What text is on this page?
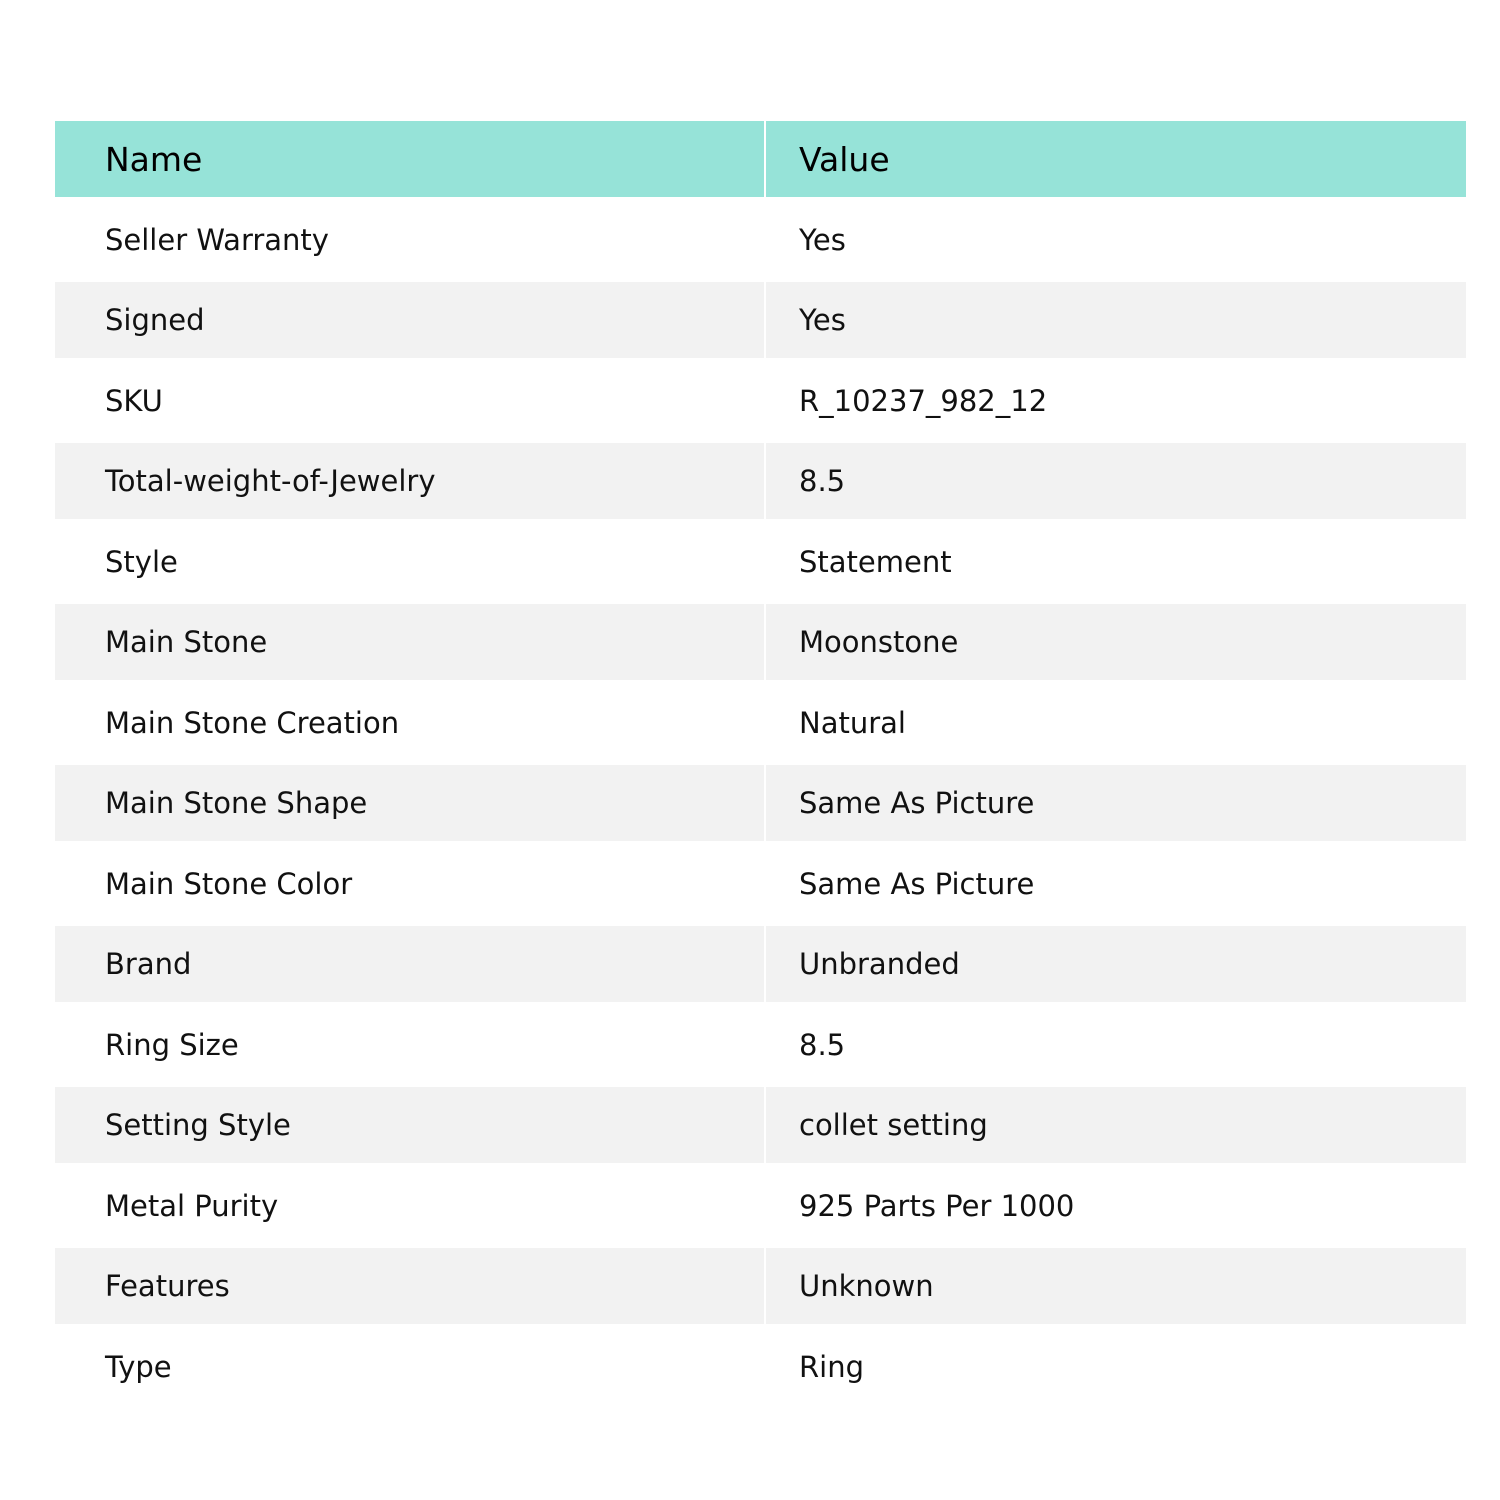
Name	Value
Seller Warranty	Yes
Signed	Yes
SKU	R_10237_982_12
Total-weight-of-Jewelry	8.5
Style	Statement
Main Stone	Moonstone
Main Stone Creation	Natural
Main Stone Shape	Same As Picture
Main Stone Color	Same As Picture
Brand	Unbranded
Ring Size	8.5
Setting Style	collet setting
Metal Purity	925 Parts Per 1000
Features	Unknown
Type	Ring
